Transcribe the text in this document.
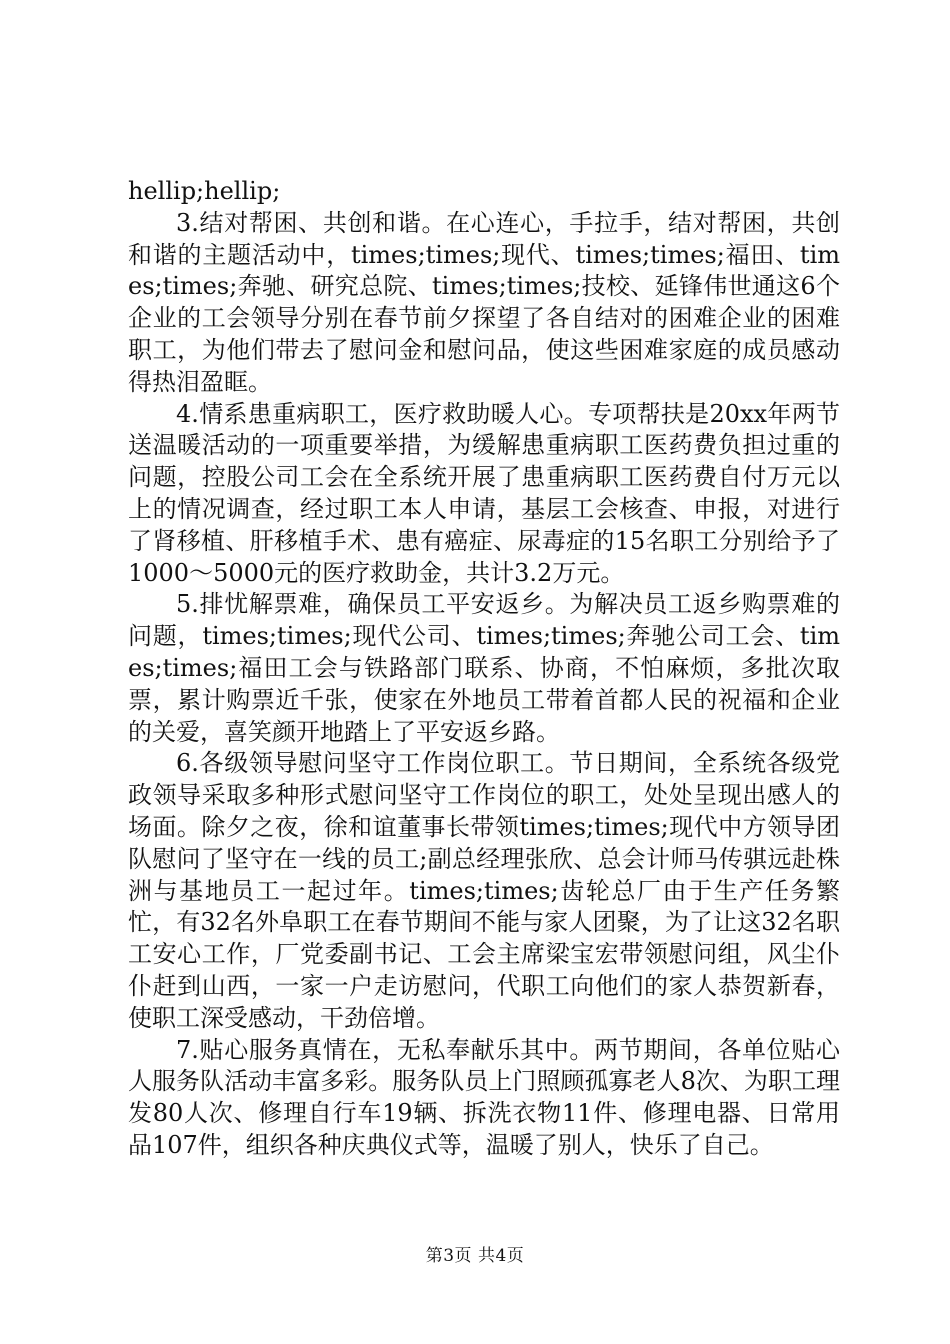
hellip;hellip;

3.结对帮困、共创和谐。在心连心，手拉手，结对帮困，共创和谐的主题活动中，times;times;现代、times;times;福田、times;times;奔驰、研究总院、times;times;技校、延锋伟世通这6个企业的工会领导分别在春节前夕探望了各自结对的困难企业的困难职工，为他们带去了慰问金和慰问品，使这些困难家庭的成员感动得热泪盈眶。

4.情系患重病职工，医疗救助暖人心。专项帮扶是20xx年两节送温暖活动的一项重要举措，为缓解患重病职工医药费负担过重的问题，控股公司工会在全系统开展了患重病职工医药费自付万元以上的情况调查，经过职工本人申请，基层工会核查、申报，对进行了肾移植、肝移植手术、患有癌症、尿毒症的15名职工分别给予了1000～5000元的医疗救助金，共计3.2万元。

5.排忧解票难，确保员工平安返乡。为解决员工返乡购票难的问题，times;times;现代公司、times;times;奔驰公司工会、times;times;福田工会与铁路部门联系、协商，不怕麻烦，多批次取票，累计购票近千张，使家在外地员工带着首都人民的祝福和企业的关爱，喜笑颜开地踏上了平安返乡路。

6.各级领导慰问坚守工作岗位职工。节日期间，全系统各级党政领导采取多种形式慰问坚守工作岗位的职工，处处呈现出感人的场面。除夕之夜，徐和谊董事长带领times;times;现代中方领导团队慰问了坚守在一线的员工;副总经理张欣、总会计师马传骐远赴株洲与基地员工一起过年。times;times;齿轮总厂由于生产任务繁忙，有32名外阜职工在春节期间不能与家人团聚，为了让这32名职工安心工作，厂党委副书记、工会主席梁宝宏带领慰问组，风尘仆仆赶到山西，一家一户走访慰问，代职工向他们的家人恭贺新春，使职工深受感动，干劲倍增。

7.贴心服务真情在，无私奉献乐其中。两节期间，各单位贴心人服务队活动丰富多彩。服务队员上门照顾孤寡老人8次、为职工理发80人次、修理自行车19辆、拆洗衣物11件、修理电器、日常用品107件，组织各种庆典仪式等，温暖了别人，快乐了自己。

第3页 共4页
